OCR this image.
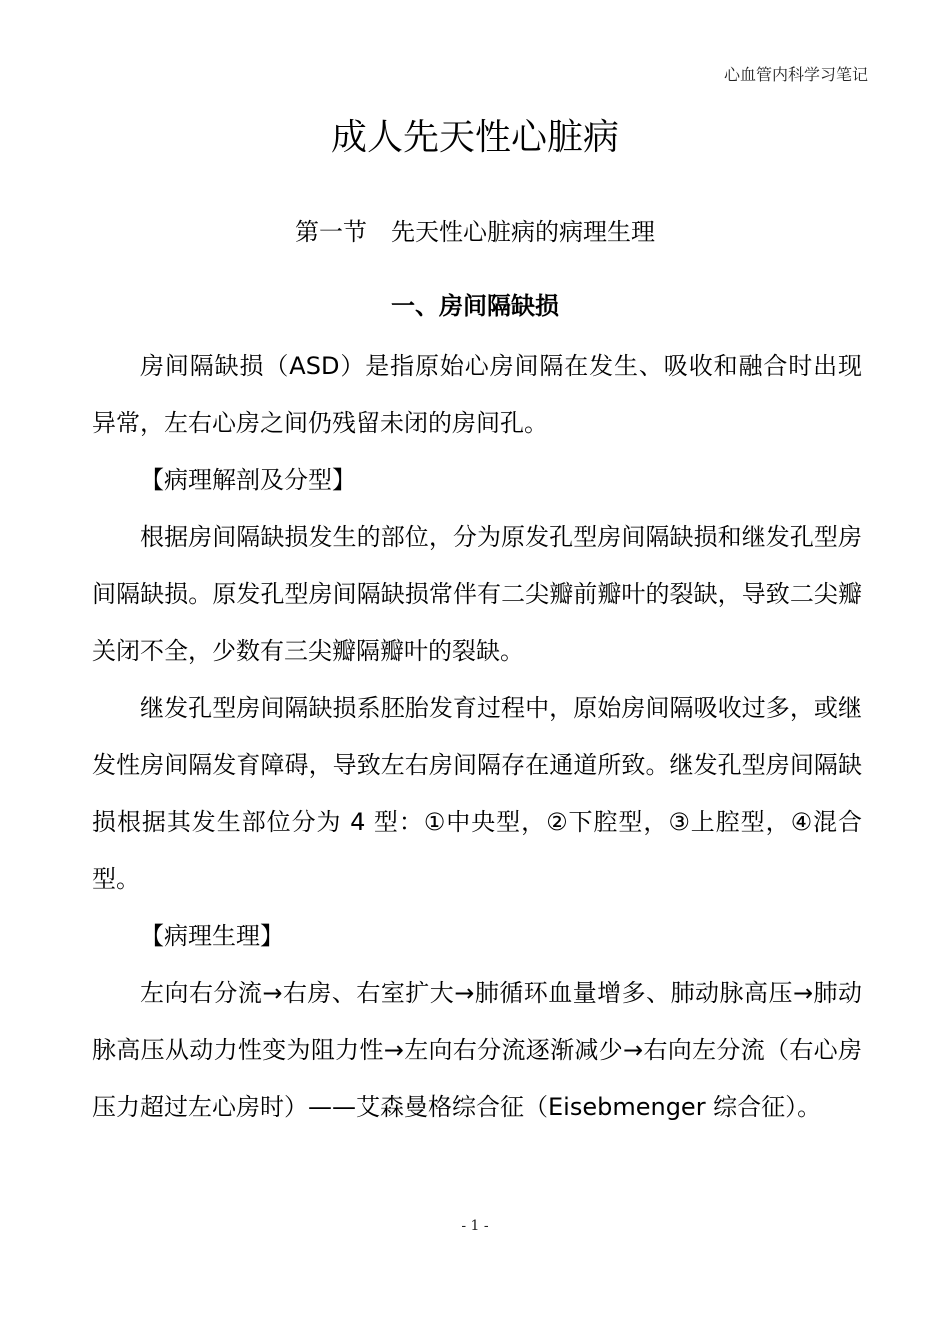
心血管内科学习笔记
成人先天性心脏病
第一节　先天性心脏病的病理生理
一、房间隔缺损

房间隔缺损（ASD）是指原始心房间隔在发生、吸收和融合时出现异常，左右心房之间仍残留未闭的房间孔。

【病理解剖及分型】

根据房间隔缺损发生的部位，分为原发孔型房间隔缺损和继发孔型房间隔缺损。原发孔型房间隔缺损常伴有二尖瓣前瓣叶的裂缺，导致二尖瓣关闭不全，少数有三尖瓣隔瓣叶的裂缺。

继发孔型房间隔缺损系胚胎发育过程中，原始房间隔吸收过多，或继发性房间隔发育障碍，导致左右房间隔存在通道所致。继发孔型房间隔缺损根据其发生部位分为 4 型：①中央型，②下腔型，③上腔型，④混合型。

【病理生理】

左向右分流→右房、右室扩大→肺循环血量增多、肺动脉高压→肺动脉高压从动力性变为阻力性→左向右分流逐渐减少→右向左分流（右心房压力超过左心房时）——艾森曼格综合征（Eisebmenger 综合征）。

- 1 -
